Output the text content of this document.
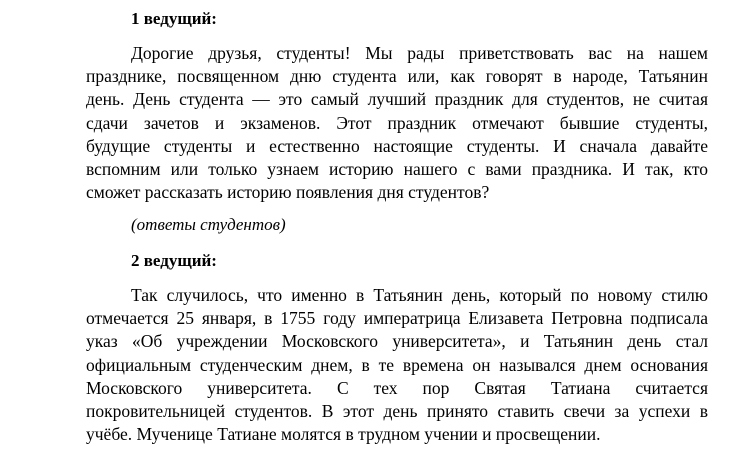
1 ведущий:

Дорогие друзья, студенты! Мы рады приветствовать вас на нашем
празднике, посвященном дню студента или, как говорят в народе, Татьянин
день. День студента — это самый лучший праздник для студентов, не считая
сдачи зачетов и экзаменов. Этот праздник отмечают бывшие студенты,
будущие студенты и естественно настоящие студенты. И сначала давайте
вспомним или только узнаем историю нашего с вами праздника. И так, кто
сможет рассказать историю появления дня студентов?

(ответы студентов)

2 ведущий:

Так случилось, что именно в Татьянин день, который по новому стилю
отмечается 25 января, в 1755 году императрица Елизавета Петровна подписала
указ «Об учреждении Московского университета», и Татьянин день стал
официальным студенческим днем, в те времена он назывался днем основания
Московского университета. С тех пор Святая Татиана считается
покровительницей студентов. В этот день принято ставить свечи за успехи в
учёбе. Мученице Татиане молятся в трудном учении и просвещении.
